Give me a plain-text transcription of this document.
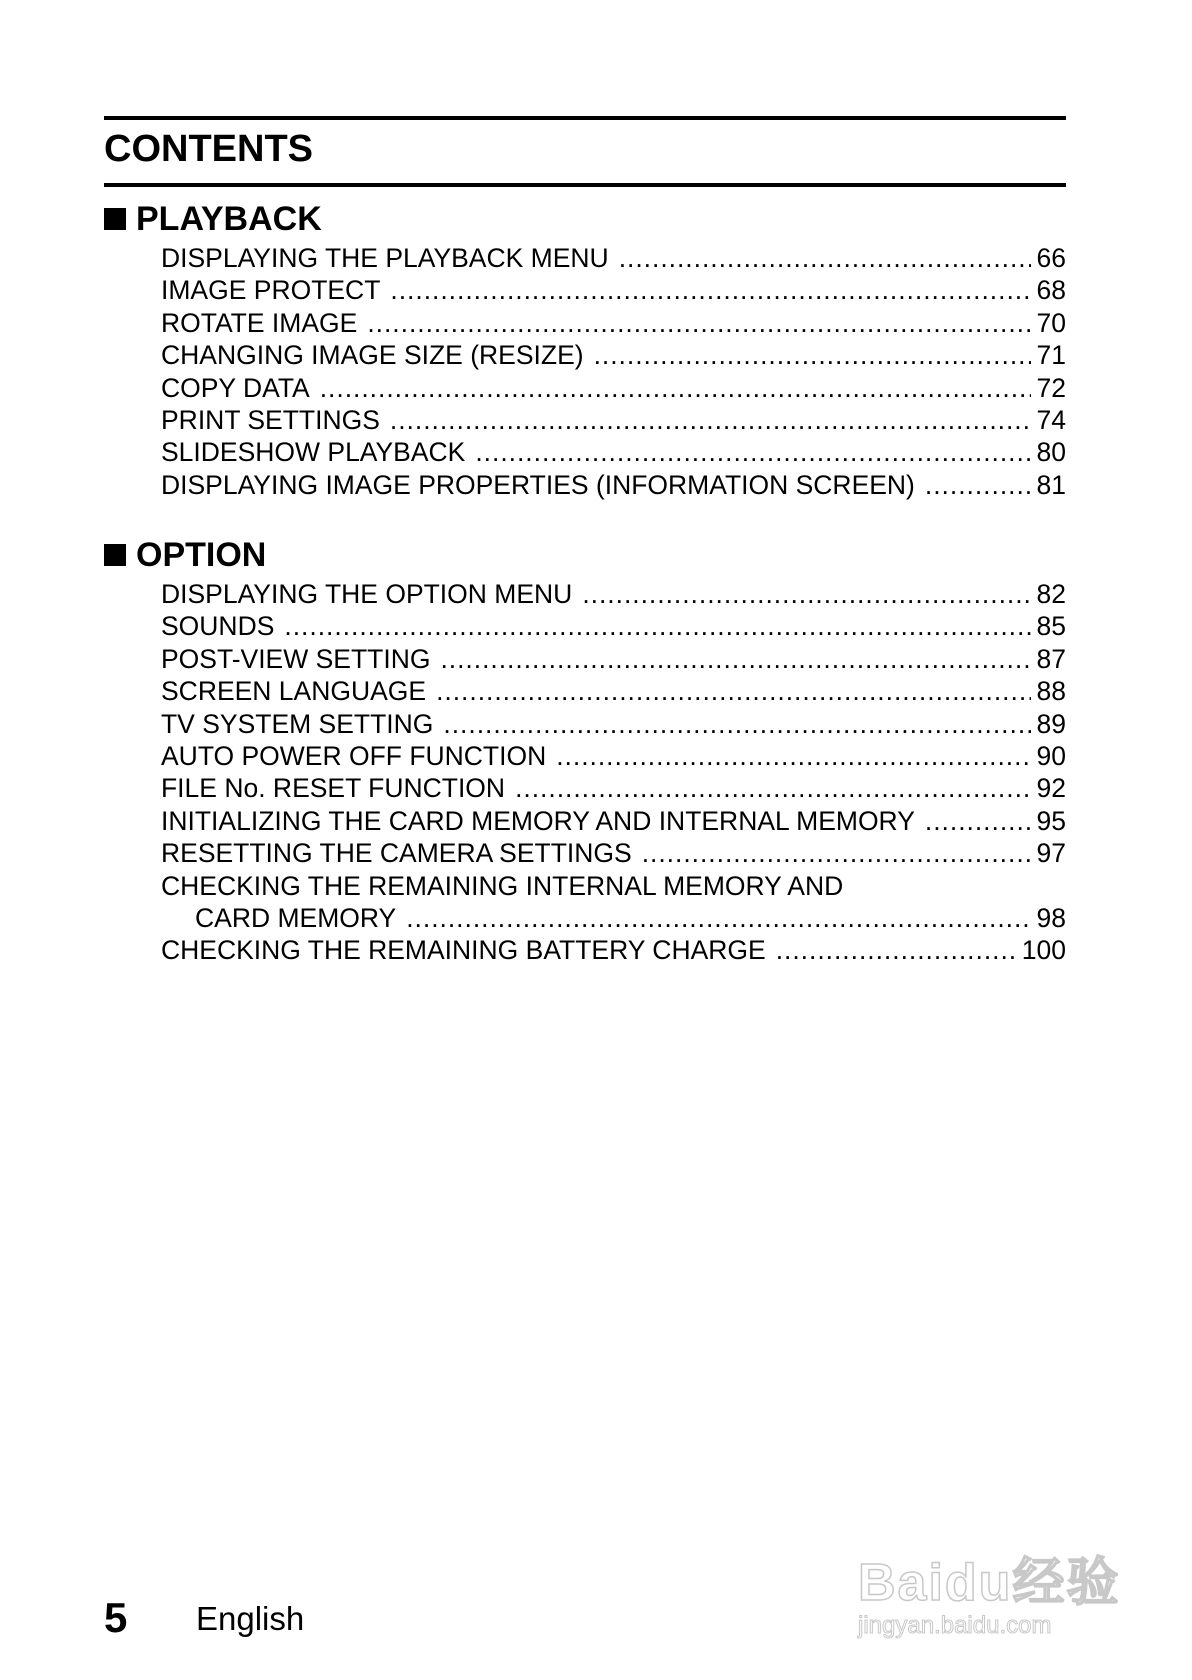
CONTENTS
PLAYBACK
DISPLAYING THE PLAYBACK MENU . . .	66
IMAGE PROTECT . . .	68
ROTATE IMAGE . . .	70
CHANGING IMAGE SIZE (RESIZE) . . .	71
COPY DATA . . .	72
PRINT SETTINGS . . .	74
SLIDESHOW PLAYBACK . . .	80
DISPLAYING IMAGE PROPERTIES (INFORMATION SCREEN) . . .	81
OPTION
DISPLAYING THE OPTION MENU . . .	82
SOUNDS . . .	85
POST-VIEW SETTING . . .	87
SCREEN LANGUAGE . . .	88
TV SYSTEM SETTING . . .	89
AUTO POWER OFF FUNCTION . . .	90
FILE No. RESET FUNCTION . . .	92
INITIALIZING THE CARD MEMORY AND INTERNAL MEMORY . . .	95
RESETTING THE CAMERA SETTINGS . . .	97
CHECKING THE REMAINING INTERNAL MEMORY AND
CARD MEMORY . . .	98
CHECKING THE REMAINING BATTERY CHARGE . . .	100

5 English

Baidu经验
jingyan.baidu.com
